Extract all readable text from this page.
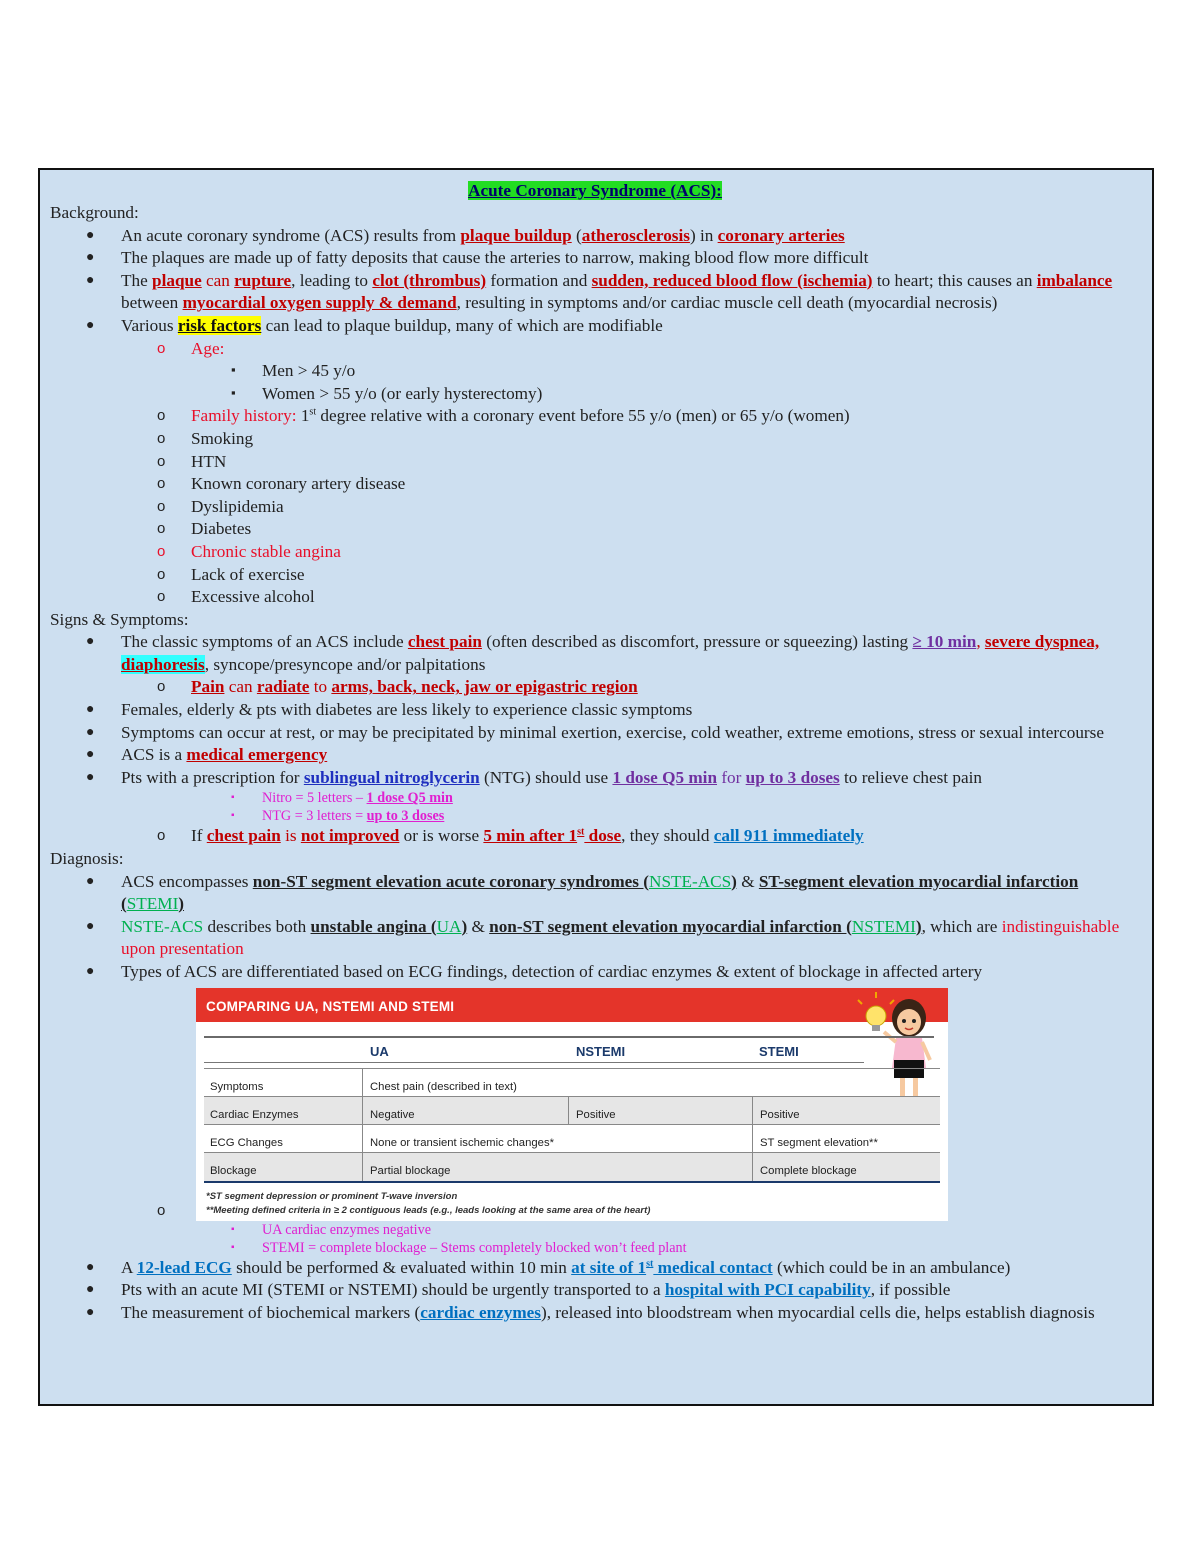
Acute Coronary Syndrome (ACS):
Background:
● An acute coronary syndrome (ACS) results from plaque buildup (atherosclerosis) in coronary arteries
● The plaques are made up of fatty deposits that cause the arteries to narrow, making blood flow more difficult
● The plaque can rupture, leading to clot (thrombus) formation and sudden, reduced blood flow (ischemia) to heart; this causes an imbalance between myocardial oxygen supply & demand, resulting in symptoms and/or cardiac muscle cell death (myocardial necrosis)
● Various risk factors can lead to plaque buildup, many of which are modifiable
o Age:
▪ Men > 45 y/o
▪ Women > 55 y/o (or early hysterectomy)
o Family history: 1st degree relative with a coronary event before 55 y/o (men) or 65 y/o (women)
o Smoking
o HTN
o Known coronary artery disease
o Dyslipidemia
o Diabetes
o Chronic stable angina
o Lack of exercise
o Excessive alcohol
Signs & Symptoms:
● The classic symptoms of an ACS include chest pain (often described as discomfort, pressure or squeezing) lasting ≥ 10 min, severe dyspnea, diaphoresis, syncope/presyncope and/or palpitations
o Pain can radiate to arms, back, neck, jaw or epigastric region
● Females, elderly & pts with diabetes are less likely to experience classic symptoms
● Symptoms can occur at rest, or may be precipitated by minimal exertion, exercise, cold weather, extreme emotions, stress or sexual intercourse
● ACS is a medical emergency
● Pts with a prescription for sublingual nitroglycerin (NTG) should use 1 dose Q5 min for up to 3 doses to relieve chest pain
▪ Nitro = 5 letters – 1 dose Q5 min
▪ NTG = 3 letters = up to 3 doses
o If chest pain is not improved or is worse 5 min after 1st dose, they should call 911 immediately
Diagnosis:
● ACS encompasses non-ST segment elevation acute coronary syndromes (NSTE-ACS) & ST-segment elevation myocardial infarction (STEMI)
● NSTE-ACS describes both unstable angina (UA) & non-ST segment elevation myocardial infarction (NSTEMI), which are indistinguishable upon presentation
● Types of ACS are differentiated based on ECG findings, detection of cardiac enzymes & extent of blockage in affected artery
COMPARING UA, NSTEMI AND STEMI
UA	NSTEMI	STEMI
Symptoms	Chest pain (described in text)
Cardiac Enzymes	Negative	Positive	Positive
ECG Changes	None or transient ischemic changes*	ST segment elevation**
Blockage	Partial blockage	Complete blockage
*ST segment depression or prominent T-wave inversion
**Meeting defined criteria in ≥ 2 contiguous leads (e.g., leads looking at the same area of the heart)
o
▪ UA cardiac enzymes negative
▪ STEMI = complete blockage – Stems completely blocked won’t feed plant
● A 12-lead ECG should be performed & evaluated within 10 min at site of 1st medical contact (which could be in an ambulance)
● Pts with an acute MI (STEMI or NSTEMI) should be urgently transported to a hospital with PCI capability, if possible
● The measurement of biochemical markers (cardiac enzymes), released into bloodstream when myocardial cells die, helps establish diagnosis
